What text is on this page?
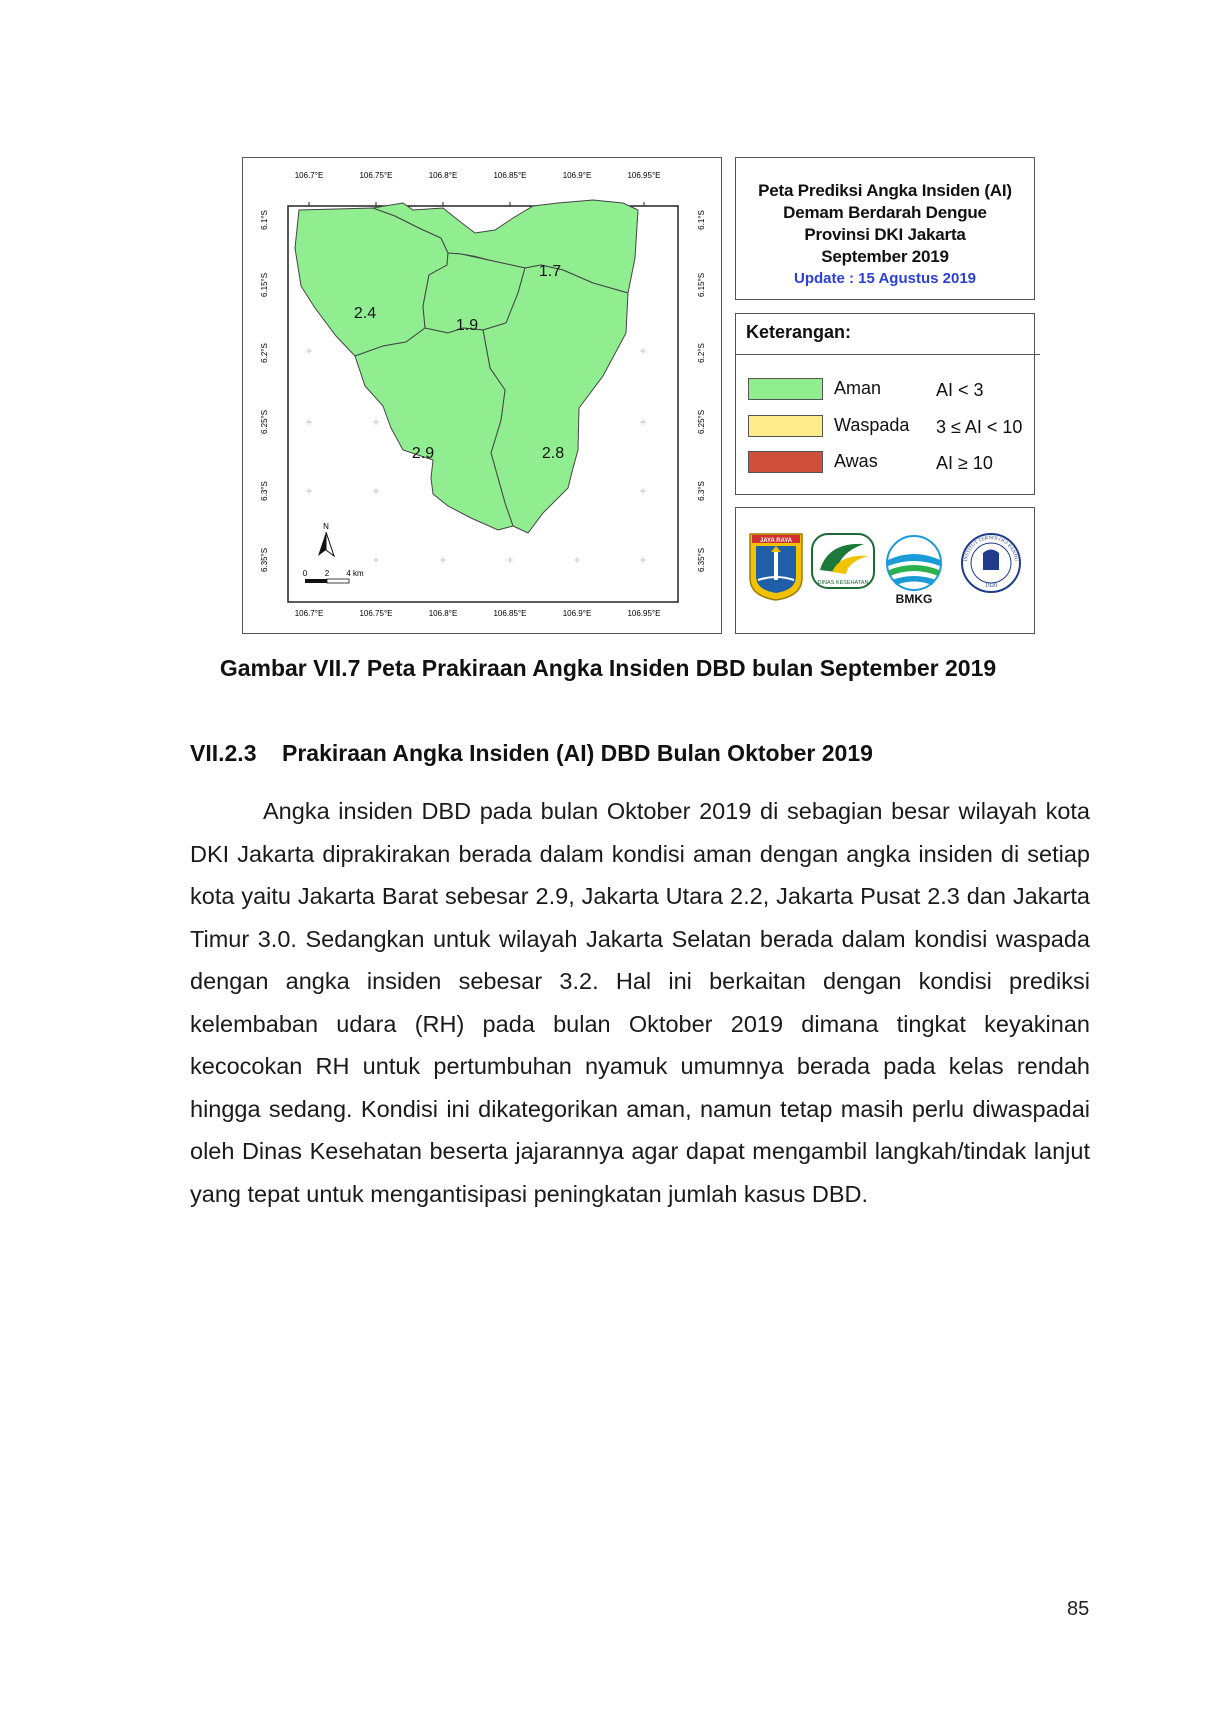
106.7°E	106.75°E	106.8°E	106.85°E	106.9°E	106.95°E
106.7°E	106.75°E	106.8°E	106.85°E	106.9°E	106.95°E
6.1°S
6.15°S
6.2°S
6.25°S
6.3°S
6.35°S
6.1°S
6.15°S
6.2°S
6.25°S
6.3°S
6.35°S
2.4
1.7
1.9
2.9	2.8
N
0 2 4 km
Peta Prediksi Angka Insiden (AI)
Demam Berdarah Dengue
Provinsi DKI Jakarta
September 2019
Update : 15 Agustus 2019
Keterangan:
Aman	AI < 3
Waspada 3 ≤ AI < 10
Awas	AI ≥ 10
JAYA RAYA
DINAS KESEHATAN
BMKG
INSTITUT TEKNOLOGI BANDU
1920
Gambar VII.7 Peta Prakiraan Angka Insiden DBD bulan September 2019
VII.2.3 Prakiraan Angka Insiden (AI) DBD Bulan Oktober 2019

Angka insiden DBD pada bulan Oktober 2019 di sebagian besar wilayah kota DKI Jakarta diprakirakan berada dalam kondisi aman dengan angka insiden di setiap kota yaitu Jakarta Barat sebesar 2.9, Jakarta Utara 2.2, Jakarta Pusat 2.3 dan Jakarta Timur 3.0. Sedangkan untuk wilayah Jakarta Selatan berada dalam kondisi waspada dengan angka insiden sebesar 3.2. Hal ini berkaitan dengan kondisi prediksi kelembaban udara (RH) pada bulan Oktober 2019 dimana tingkat keyakinan kecocokan RH untuk pertumbuhan nyamuk umumnya berada pada kelas rendah hingga sedang. Kondisi ini dikategorikan aman, namun tetap masih perlu diwaspadai oleh Dinas Kesehatan beserta jajarannya agar dapat mengambil langkah/tindak lanjut yang tepat untuk mengantisipasi peningkatan jumlah kasus DBD.

85
